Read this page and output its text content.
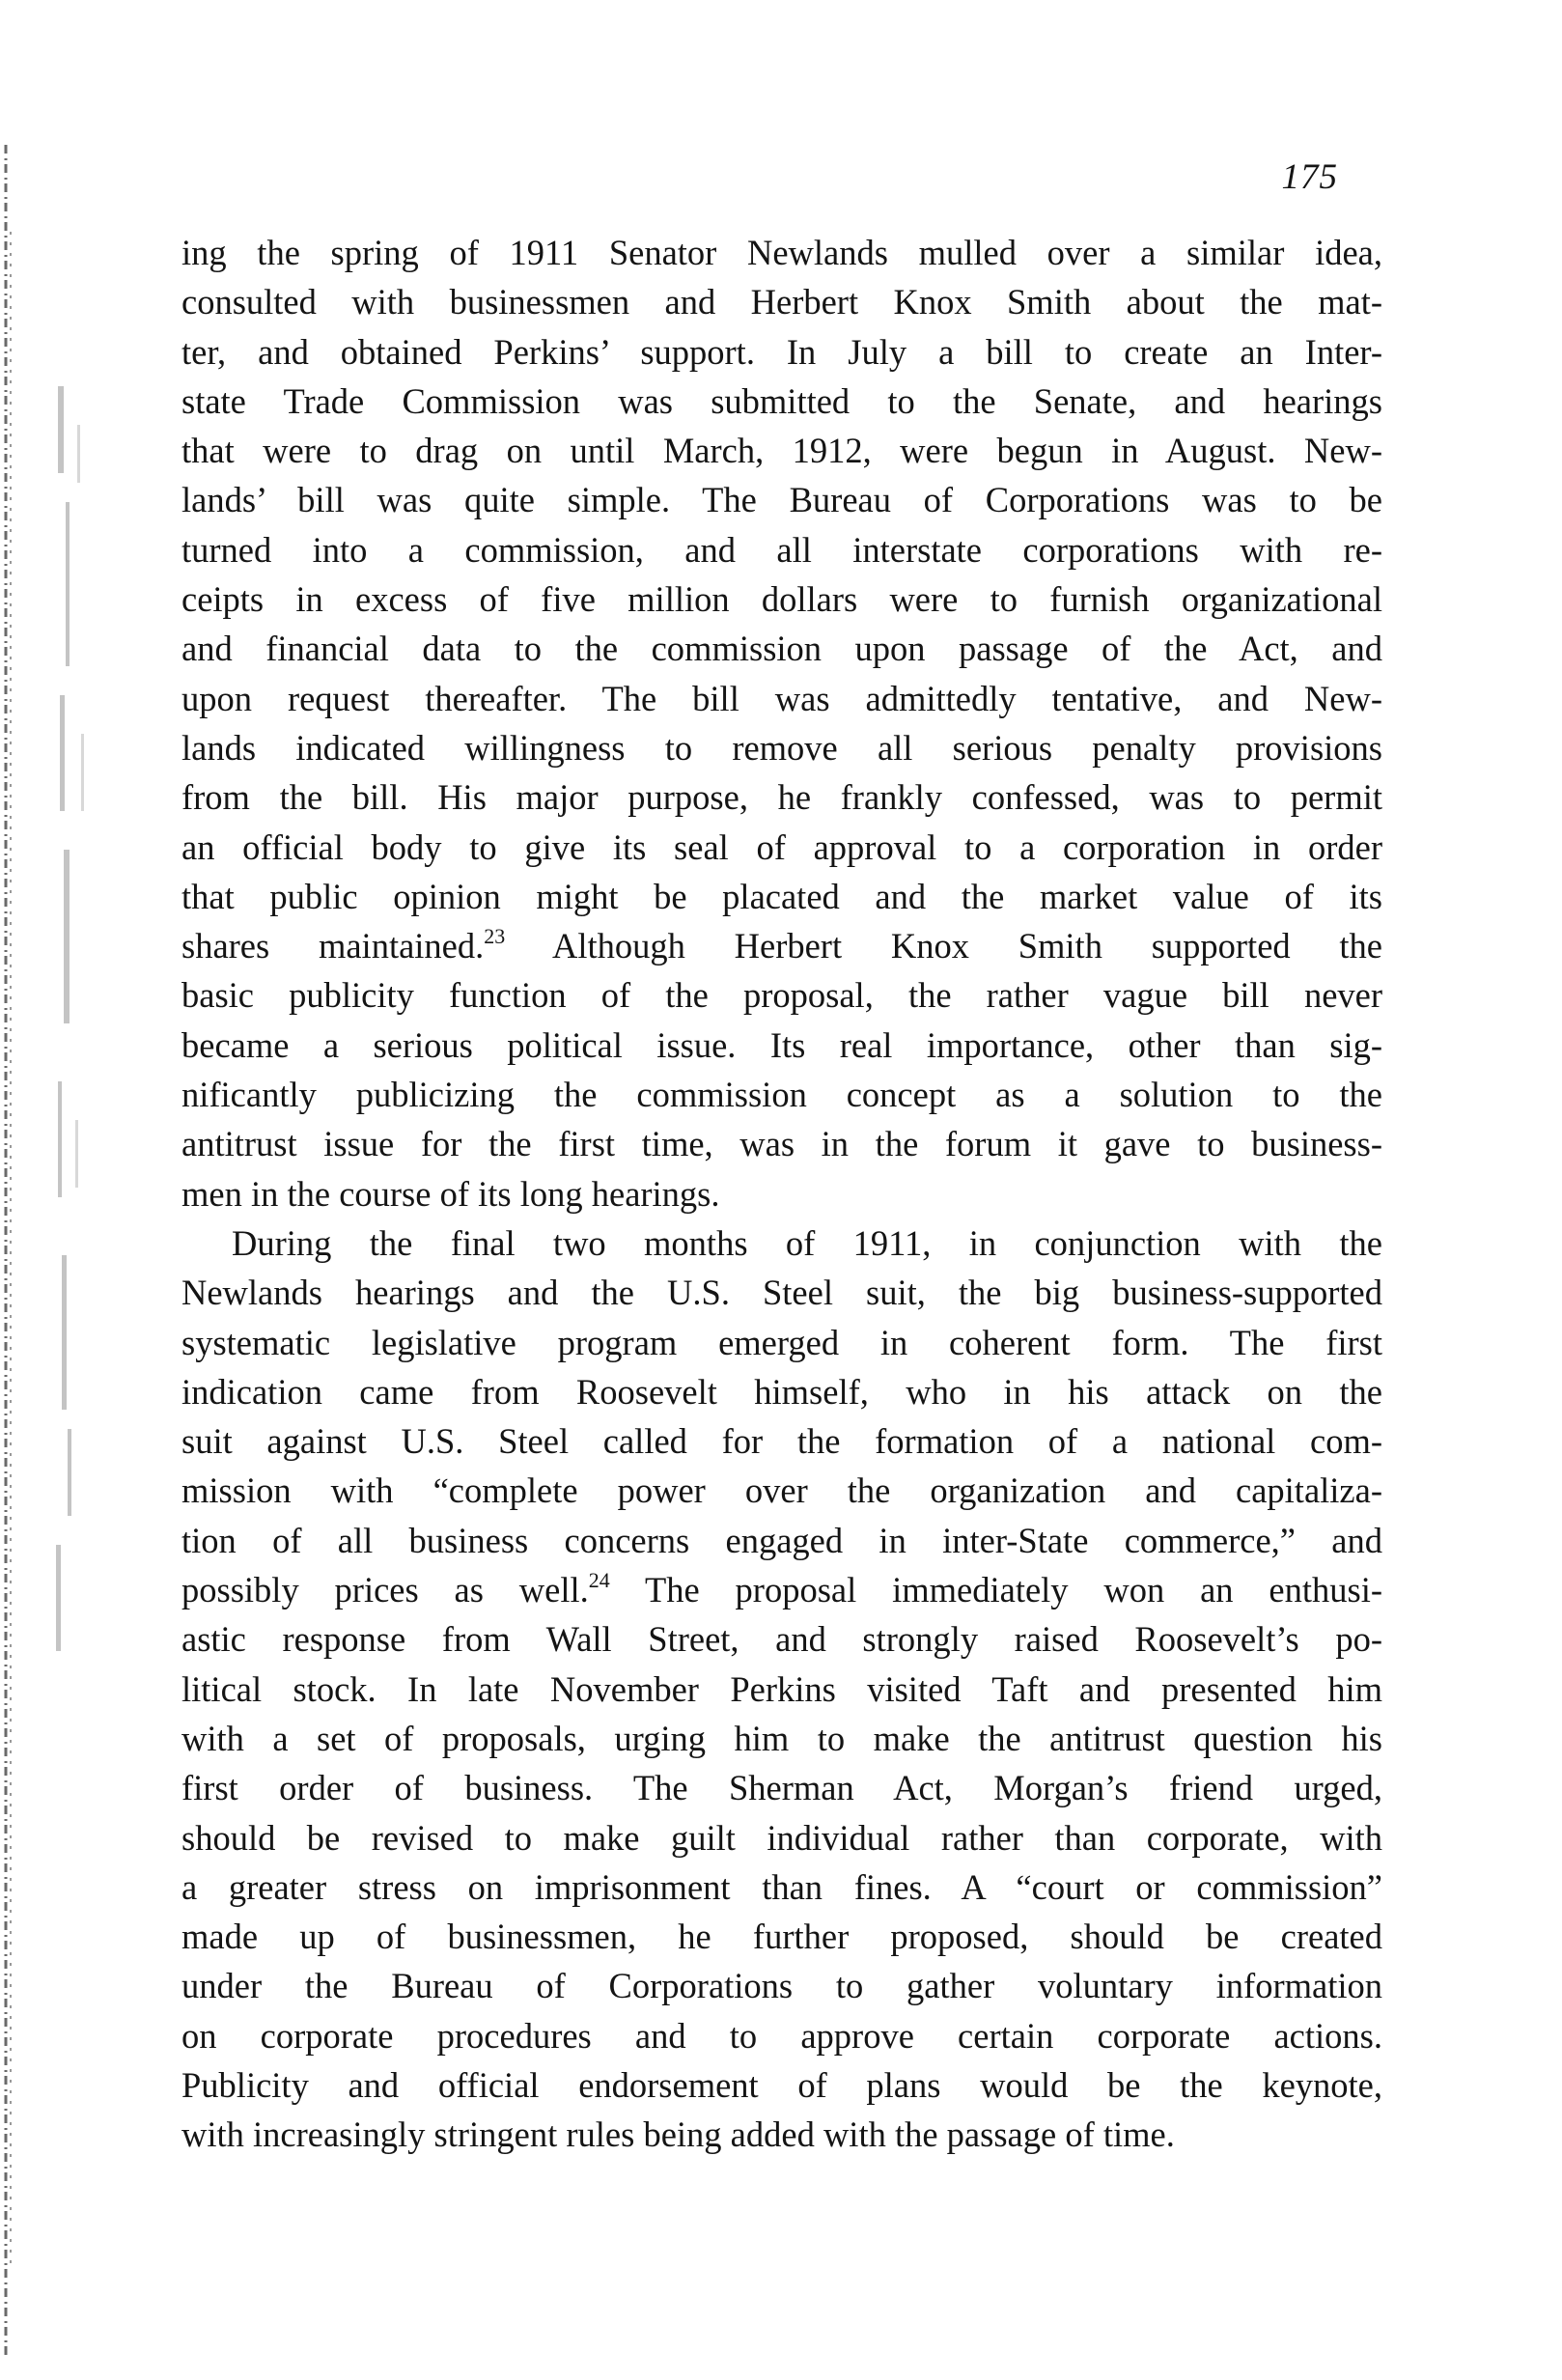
175

ing the spring of 1911 Senator Newlands mulled over a similar idea,
consulted with businessmen and Herbert Knox Smith about the mat-
ter, and obtained Perkins’ support. In July a bill to create an Inter-
state Trade Commission was submitted to the Senate, and hearings
that were to drag on until March, 1912, were begun in August. New-
lands’ bill was quite simple. The Bureau of Corporations was to be
turned into a commission, and all interstate corporations with re-
ceipts in excess of five million dollars were to furnish organizational
and financial data to the commission upon passage of the Act, and
upon request thereafter. The bill was admittedly tentative, and New-
lands indicated willingness to remove all serious penalty provisions
from the bill. His major purpose, he frankly confessed, was to permit
an official body to give its seal of approval to a corporation in order
that public opinion might be placated and the market value of its
shares maintained.$^{23}$ Although Herbert Knox Smith supported the
basic publicity function of the proposal, the rather vague bill never
became a serious political issue. Its real importance, other than sig-
nificantly publicizing the commission concept as a solution to the
antitrust issue for the first time, was in the forum it gave to business-
men in the course of its long hearings.

During the final two months of 1911, in conjunction with the
Newlands hearings and the U.S. Steel suit, the big business-supported
systematic legislative program emerged in coherent form. The first
indication came from Roosevelt himself, who in his attack on the
suit against U.S. Steel called for the formation of a national com-
mission with “complete power over the organization and capitaliza-
tion of all business concerns engaged in inter-State commerce,” and
possibly prices as well.$^{24}$ The proposal immediately won an enthusi-
astic response from Wall Street, and strongly raised Roosevelt’s po-
litical stock. In late November Perkins visited Taft and presented him
with a set of proposals, urging him to make the antitrust question his
first order of business. The Sherman Act, Morgan’s friend urged,
should be revised to make guilt individual rather than corporate, with
a greater stress on imprisonment than fines. A “court or commission”
made up of businessmen, he further proposed, should be created
under the Bureau of Corporations to gather voluntary information
on corporate procedures and to approve certain corporate actions.
Publicity and official endorsement of plans would be the keynote,
with increasingly stringent rules being added with the passage of time.
